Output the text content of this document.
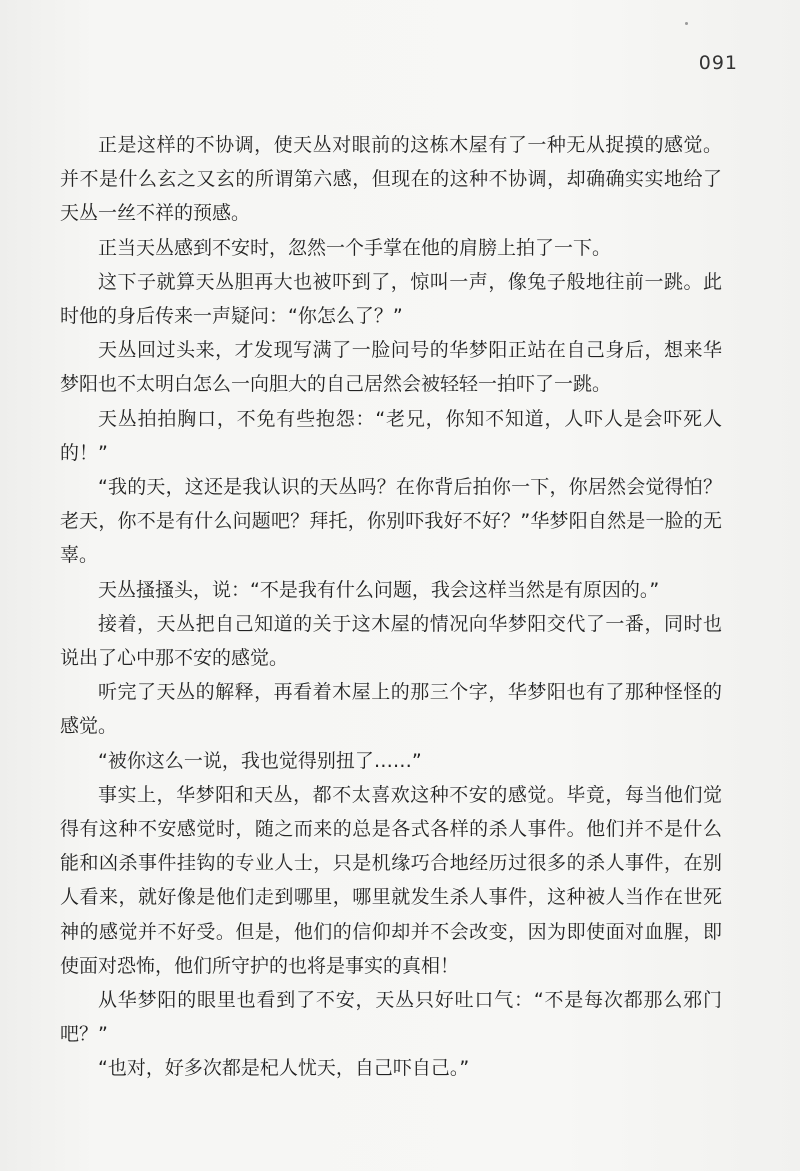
091

正是这样的不协调，使天丛对眼前的这栋木屋有了一种无从捉摸的感觉。并不是什么玄之又玄的所谓第六感，但现在的这种不协调，却确确实实地给了天丛一丝不祥的预感。

正当天丛感到不安时，忽然一个手掌在他的肩膀上拍了一下。

这下子就算天丛胆再大也被吓到了，惊叫一声，像兔子般地往前一跳。此时他的身后传来一声疑问：“你怎么了？”

天丛回过头来，才发现写满了一脸问号的华梦阳正站在自己身后，想来华梦阳也不太明白怎么一向胆大的自己居然会被轻轻一拍吓了一跳。

天丛拍拍胸口，不免有些抱怨：“老兄，你知不知道，人吓人是会吓死人的！”

“我的天，这还是我认识的天丛吗？在你背后拍你一下，你居然会觉得怕？老天，你不是有什么问题吧？拜托，你别吓我好不好？”华梦阳自然是一脸的无辜。

天丛搔搔头，说：“不是我有什么问题，我会这样当然是有原因的。”

接着，天丛把自己知道的关于这木屋的情况向华梦阳交代了一番，同时也说出了心中那不安的感觉。

听完了天丛的解释，再看着木屋上的那三个字，华梦阳也有了那种怪怪的感觉。

“被你这么一说，我也觉得别扭了……”

事实上，华梦阳和天丛，都不太喜欢这种不安的感觉。毕竟，每当他们觉得有这种不安感觉时，随之而来的总是各式各样的杀人事件。他们并不是什么能和凶杀事件挂钩的专业人士，只是机缘巧合地经历过很多的杀人事件，在别人看来，就好像是他们走到哪里，哪里就发生杀人事件，这种被人当作在世死神的感觉并不好受。但是，他们的信仰却并不会改变，因为即使面对血腥，即使面对恐怖，他们所守护的也将是事实的真相！

从华梦阳的眼里也看到了不安，天丛只好吐口气：“不是每次都那么邪门吧？”

“也对，好多次都是杞人忧天，自己吓自己。”
